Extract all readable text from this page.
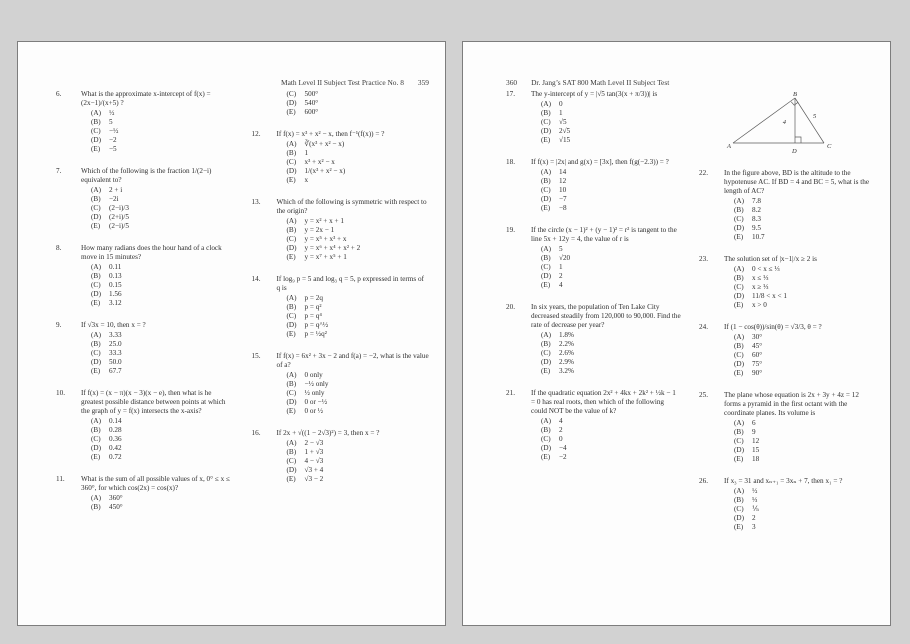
Math Level II Subject Test Practice No. 8 359
6.	What is the approximate x-intercept of f(x) = (2x−1)/(x+5) ?
(A)	½
(B)	5
(C)	−½
(D)	−2
(E)	−5
7.	Which of the following is the fraction 1/(2−i) equivalent to?
(A)	2 + i
(B)	−2i
(C)	(2−i)/3
(D)	(2+i)/5
(E)	(2−i)/5
8.	How many radians does the hour hand of a clock move in 15 minutes?
(A)	0.11
(B)	0.13
(C)	0.15
(D)	1.56
(E)	3.12
9.	If √3x = 10, then x = ?
(A)	3.33
(B)	25.0
(C)	33.3
(D)	50.0
(E)	67.7
10.	If f(x) = (x − π)(x − 3)(x − e), then what is he greatest possible distance between points at which the graph of y = f(x) intersects the x-axis?
(A)	0.14
(B)	0.28
(C)	0.36
(D)	0.42
(E)	0.72
11.	What is the sum of all possible values of x, 0° ≤ x ≤ 360°, for which cos(2x) = cos(x)?
(A)	360°
(B)	450°
(C)	500°
(D)	540°
(E)	600°
12.	If f(x) = x³ + x² − x, then f⁻¹(f(x)) = ?
(A)	∛(x³ + x² − x)
(B)	1
(C)	x³ + x² − x
(D)	1/(x³ + x² − x)
(E)	x
13.	Which of the following is symmetric with respect to the origin?
(A)	y = x² + x + 1
(B)	y = 2x − 1
(C)	y = x⁵ + x³ + x
(D)	y = x⁶ + x⁴ + x² + 2
(E)	y = x⁷ + x⁵ + 1
14.	If log₉ p = 5 and log₃ q = 5, p expressed in terms of q is
(A)	p = 2q
(B)	p = q²
(C)	p = q⁴
(D)	p = q^½
(E)	p = ½q²
15.	If f(x) = 6x² + 3x − 2 and f(a) = −2, what is the value of a?
(A)	0 only
(B)	−½ only
(C)	½ only
(D)	0 or −½
(E)	0 or ½
16.	If 2x + √((1 − 2√3)²) = 3, then x = ?
(A)	2 − √3
(B)	1 + √3
(C)	4 − √3
(D)	√3 + 4
(E)	√3 − 2
360 Dr. Jang’s SAT 800 Math Level II Subject Test
17.	The y-intercept of y = |√5 tan(3(x + π/3))| is
(A)	0
(B)	1
(C)	√5
(D)	2√5
(E)	√15
18.	If f(x) = |2x| and g(x) = [3x], then f(g(−2.3)) = ?
(A)	14
(B)	12
(C)	10
(D)	−7
(E)	−8
19.	If the circle (x − 1)² + (y − 1)² = r² is tangent to the line 5x + 12y = 4, the value of r is
(A)	5
(B)	√20
(C)	1
(D)	2
(E)	4
20.	In six years, the population of Ten Lake City decreased steadily from 120,000 to 90,000. Find the rate of decrease per year?
(A)	1.8%
(B)	2.2%
(C)	2.6%
(D)	2.9%
(E)	3.2%
21.	If the quadratic equation 2x² + 4kx + 2k² + ½k − 1 = 0 has real roots, then which of the following could NOT be the value of k?
(A)	4
(B)	2
(C)	0
(D)	−4
(E)	−2
A
B
C
D
4
5
22.	In the figure above, BD is the altitude to the hypotenuse AC. If BD = 4 and BC = 5, what is the length of AC?
(A)	7.8
(B)	8.2
(C)	8.3
(D)	9.5
(E)	10.7
23.	The solution set of |x−1|/x ≥ 2 is
(A)	0 < x ≤ ⅓
(B)	x ≤ ⅓
(C)	x ≥ ⅓
(D)	11/8 < x < 1
(E)	x > 0
24.	If (1 − cos(θ))/sin(θ) = √3/3, θ = ?
(A)	30°
(B)	45°
(C)	60°
(D)	75°
(E)	90°
25.	The plane whose equation is 2x + 3y + 4z = 12 forms a pyramid in the first octant with the coordinate planes. Its volume is
(A)	6
(B)	9
(C)	12
(D)	15
(E)	18
26.	If x₃ = 31 and xₙ₊₁ = 3xₙ + 7, then x₁ = ?
(A)	½
(B)	⅓
(C)	⅕
(D)	2
(E)	3
